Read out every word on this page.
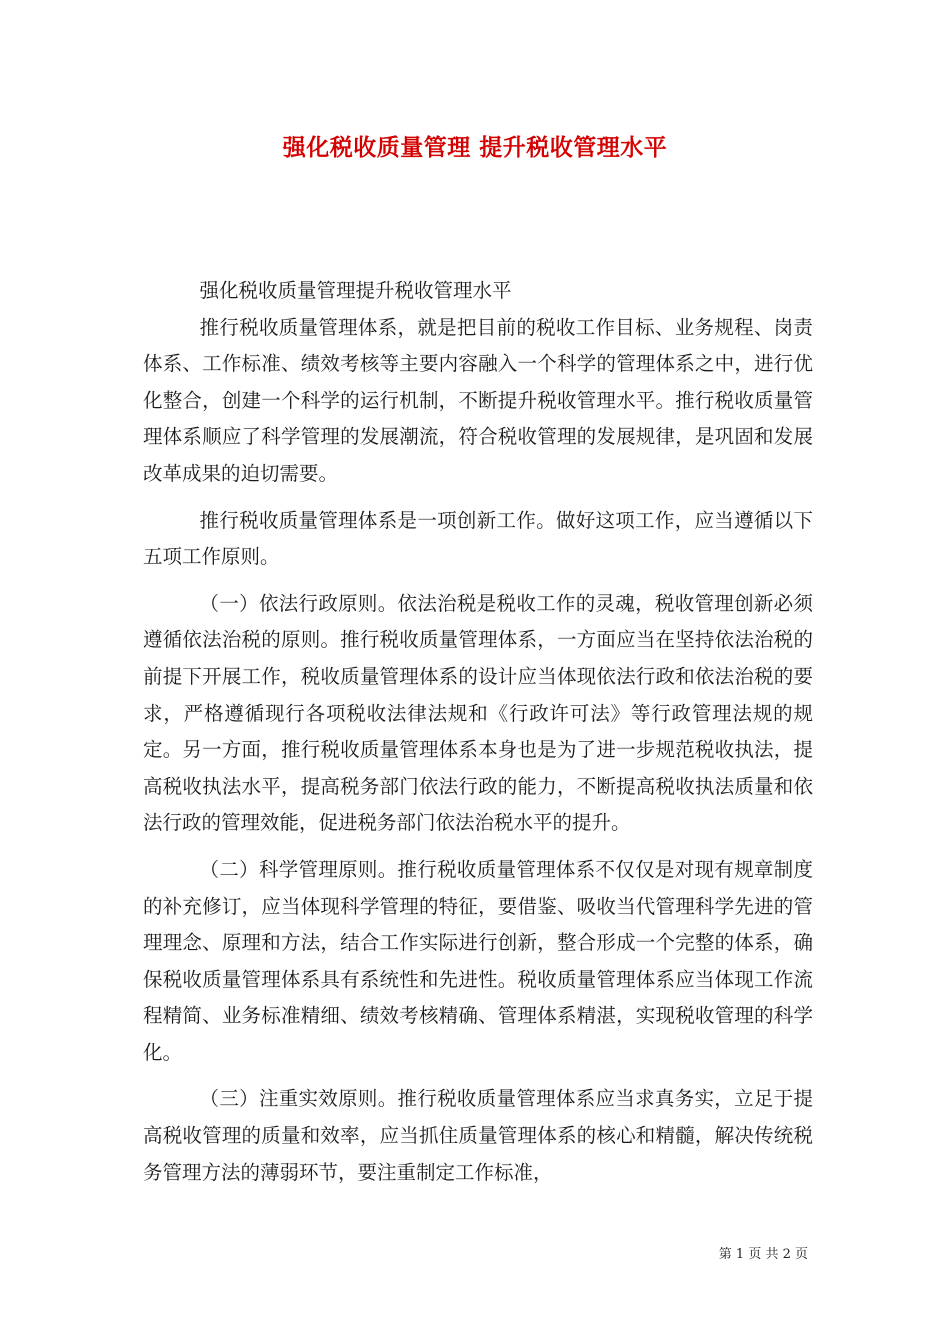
强化税收质量管理 提升税收管理水平

强化税收质量管理提升税收管理水平

推行税收质量管理体系，就是把目前的税收工作目标、业务规程、岗责体系、工作标准、绩效考核等主要内容融入一个科学的管理体系之中，进行优化整合，创建一个科学的运行机制，不断提升税收管理水平。推行税收质量管理体系顺应了科学管理的发展潮流，符合税收管理的发展规律，是巩固和发展改革成果的迫切需要。

推行税收质量管理体系是一项创新工作。做好这项工作，应当遵循以下五项工作原则。

（一）依法行政原则。依法治税是税收工作的灵魂，税收管理创新必须遵循依法治税的原则。推行税收质量管理体系，一方面应当在坚持依法治税的前提下开展工作，税收质量管理体系的设计应当体现依法行政和依法治税的要求，严格遵循现行各项税收法律法规和《行政许可法》等行政管理法规的规定。另一方面，推行税收质量管理体系本身也是为了进一步规范税收执法，提高税收执法水平，提高税务部门依法行政的能力，不断提高税收执法质量和依法行政的管理效能，促进税务部门依法治税水平的提升。

（二）科学管理原则。推行税收质量管理体系不仅仅是对现有规章制度的补充修订，应当体现科学管理的特征，要借鉴、吸收当代管理科学先进的管理理念、原理和方法，结合工作实际进行创新，整合形成一个完整的体系，确保税收质量管理体系具有系统性和先进性。税收质量管理体系应当体现工作流程精简、业务标准精细、绩效考核精确、管理体系精湛，实现税收管理的科学化。

（三）注重实效原则。推行税收质量管理体系应当求真务实，立足于提高税收管理的质量和效率，应当抓住质量管理体系的核心和精髓，解决传统税务管理方法的薄弱环节，要注重制定工作标准，

第 1 页 共 2 页
